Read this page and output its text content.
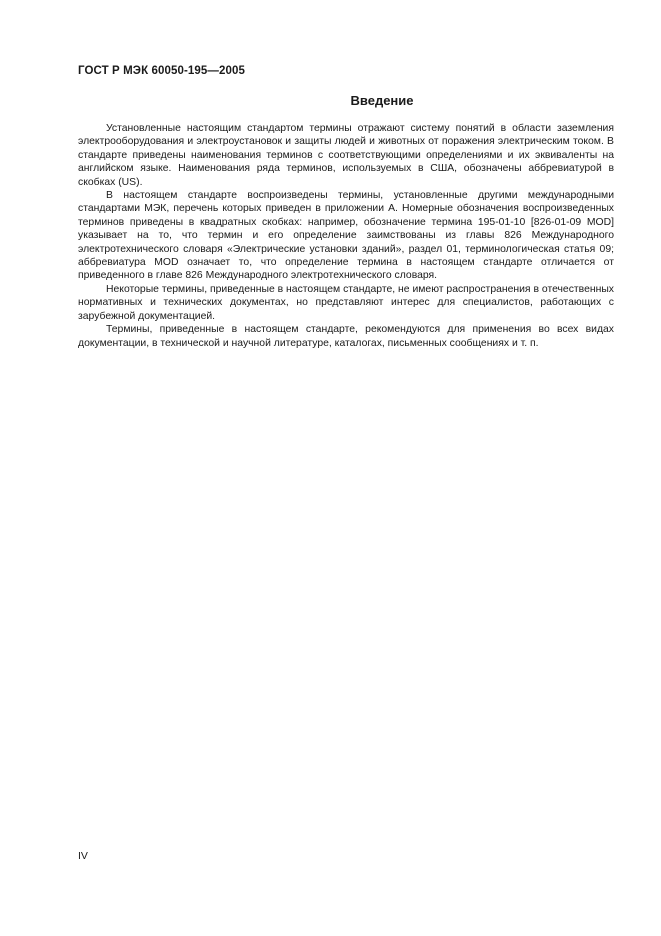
ГОСТ Р МЭК 60050-195—2005
Введение

Установленные настоящим стандартом термины отражают систему понятий в области заземления электрооборудования и электроустановок и защиты людей и животных от поражения электрическим током. В стандарте приведены наименования терминов с соответствующими определениями и их эквиваленты на английском языке. Наименования ряда терминов, используемых в США, обозначены аббревиатурой в скобках (US).

В настоящем стандарте воспроизведены термины, установленные другими международными стандартами МЭК, перечень которых приведен в приложении А. Номерные обозначения воспроизведенных терминов приведены в квадратных скобках: например, обозначение термина 195-01-10 [826-01-09 MOD] указывает на то, что термин и его определение заимствованы из главы 826 Международного электротехнического словаря «Электрические установки зданий», раздел 01, терминологическая статья 09; аббревиатура MOD означает то, что определение термина в настоящем стандарте отличается от приведенного в главе 826 Международного электротехнического словаря.

Некоторые термины, приведенные в настоящем стандарте, не имеют распространения в отечественных нормативных и технических документах, но представляют интерес для специалистов, работающих с зарубежной документацией.

Термины, приведенные в настоящем стандарте, рекомендуются для применения во всех видах документации, в технической и научной литературе, каталогах, письменных сообщениях и т. п.

IV
